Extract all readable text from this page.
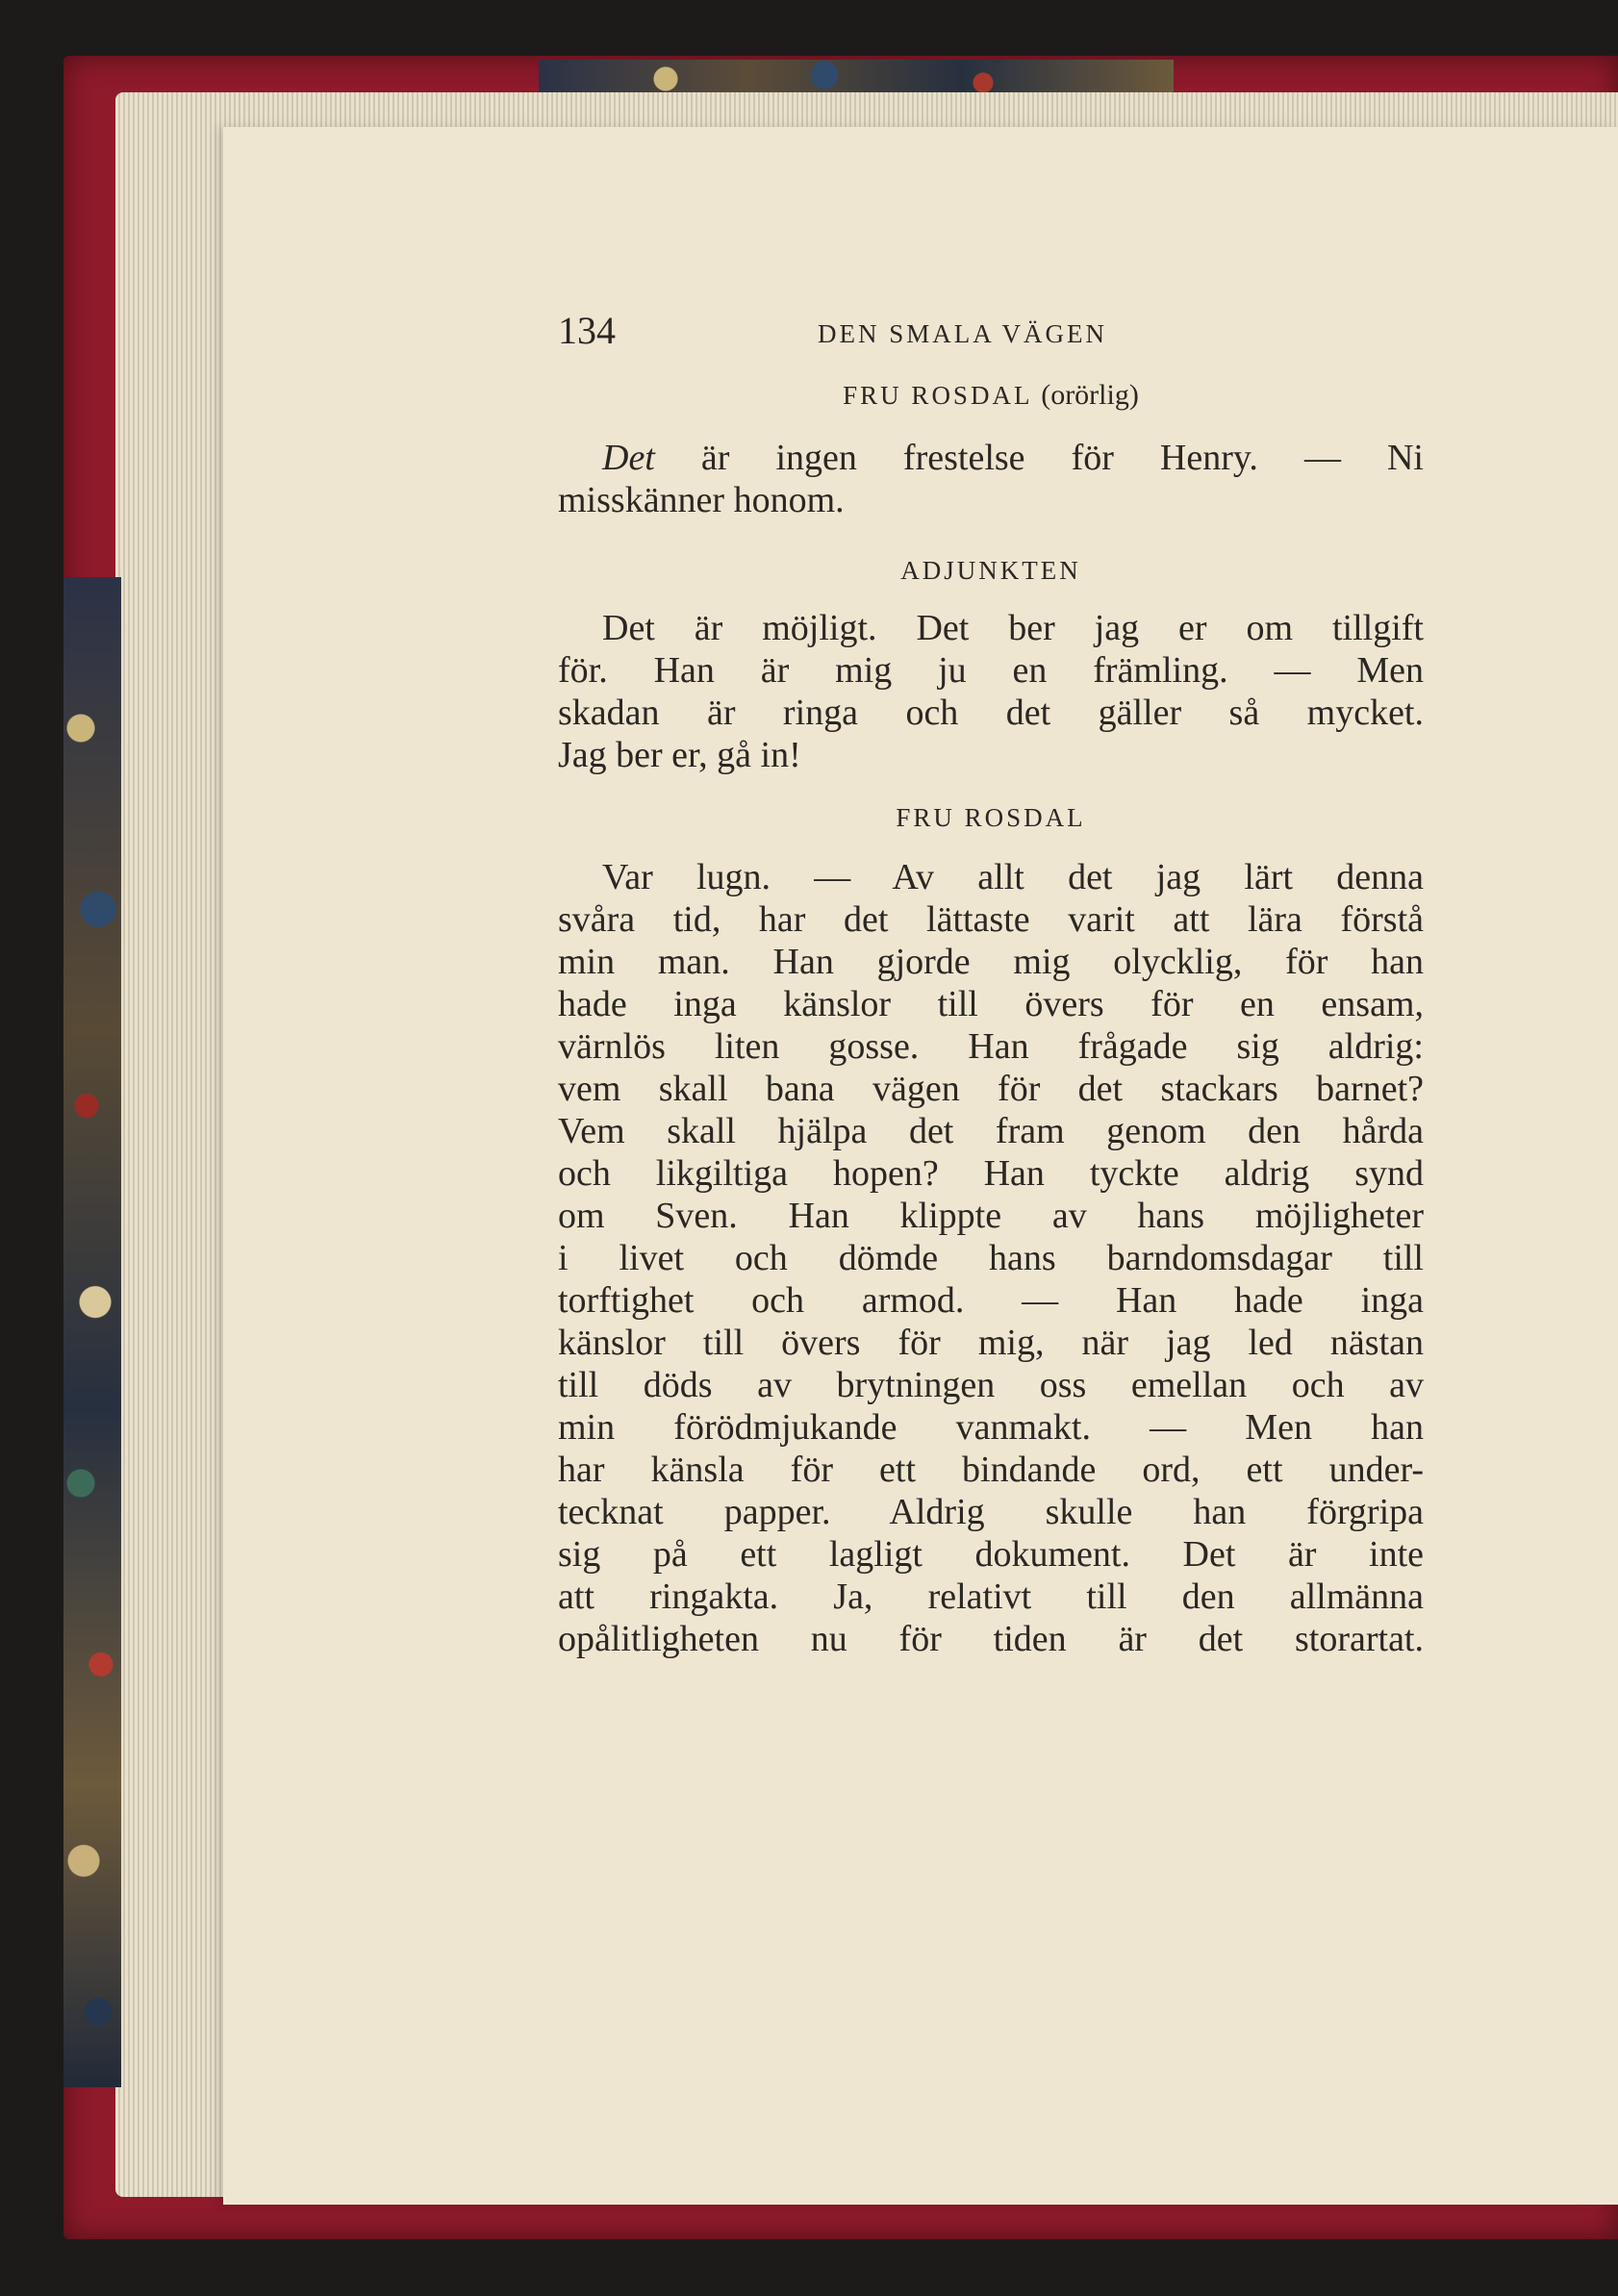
134	DEN SMALA VÄGEN

FRU ROSDAL (orörlig)

Det är ingen frestelse för Henry. — Ni
misskänner honom.

ADJUNKTEN

Det är möjligt. Det ber jag er om tillgift
för. Han är mig ju en främling. — Men
skadan är ringa och det gäller så mycket.
Jag ber er, gå in!

FRU ROSDAL

Var lugn. — Av allt det jag lärt denna
svåra tid, har det lättaste varit att lära förstå
min man. Han gjorde mig olycklig, för han
hade inga känslor till övers för en ensam,
värnlös liten gosse. Han frågade sig aldrig:
vem skall bana vägen för det stackars barnet?
Vem skall hjälpa det fram genom den hårda
och likgiltiga hopen? Han tyckte aldrig synd
om Sven. Han klippte av hans möjligheter
i livet och dömde hans barndomsdagar till
torftighet och armod. — Han hade inga
känslor till övers för mig, när jag led nästan
till döds av brytningen oss emellan och av
min förödmjukande vanmakt. — Men han
har känsla för ett bindande ord, ett under-
tecknat papper. Aldrig skulle han förgripa
sig på ett lagligt dokument. Det är inte
att ringakta. Ja, relativt till den allmänna
opålitligheten nu för tiden är det storartat.
